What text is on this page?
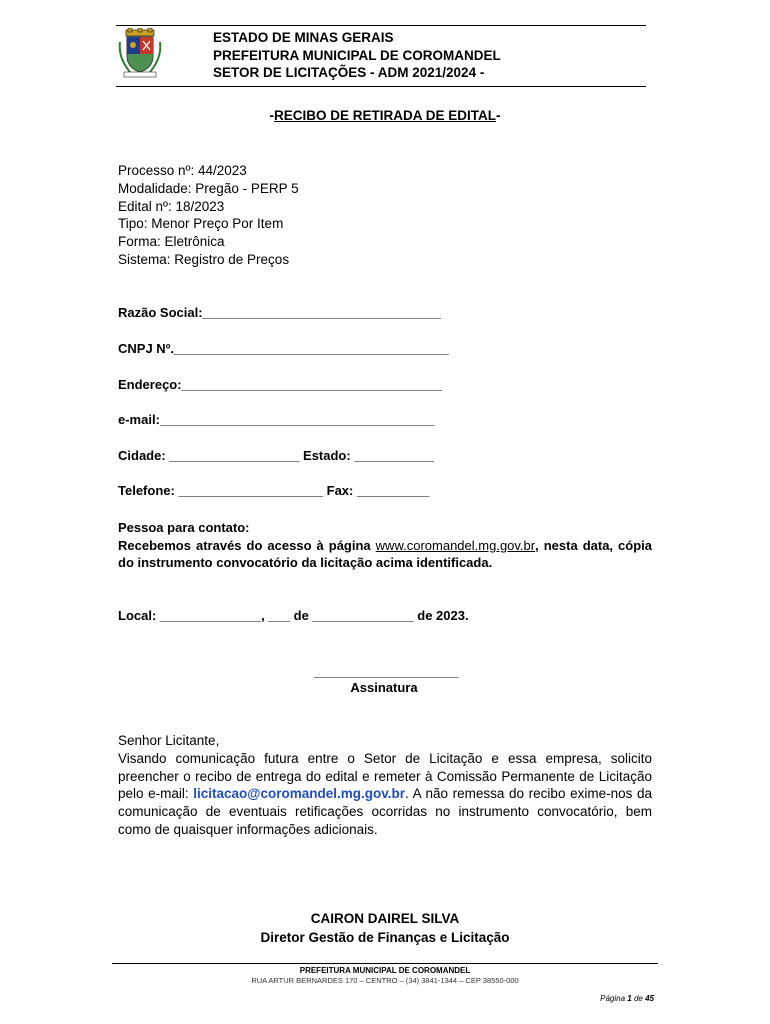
ESTADO DE MINAS GERAIS
PREFEITURA MUNICIPAL DE COROMANDEL
SETOR DE LICITAÇÕES - ADM 2021/2024 -
-RECIBO DE RETIRADA DE EDITAL-
Processo nº: 44/2023
Modalidade: Pregão - PERP 5
Edital nº: 18/2023
Tipo: Menor Preço Por Item
Forma: Eletrônica
Sistema: Registro de Preços
Razão Social:_________________________________
CNPJ Nº.______________________________________
Endereço:____________________________________
e-mail:______________________________________
Cidade: __________________ Estado: ___________
Telefone: ____________________ Fax: __________
Pessoa para contato:
Recebemos através do acesso à página www.coromandel.mg.gov.br, nesta data, cópia do instrumento convocatório da licitação acima identificada.
Local: ______________, ___ de ______________ de 2023.
____________________
Assinatura

Senhor Licitante,

Visando comunicação futura entre o Setor de Licitação e essa empresa, solicito preencher o recibo de entrega do edital e remeter à Comissão Permanente de Licitação pelo e-mail: licitacao@coromandel.mg.gov.br. A não remessa do recibo exime-nos da comunicação de eventuais retificações ocorridas no instrumento convocatório, bem como de quaisquer informações adicionais.

CAIRON DAIREL SILVA
Diretor Gestão de Finanças e Licitação
PREFEITURA MUNICIPAL DE COROMANDEL
RUA ARTUR BERNARDES 170 – CENTRO – (34) 3841-1344 – CEP 38550-000
Página 1 de 45
